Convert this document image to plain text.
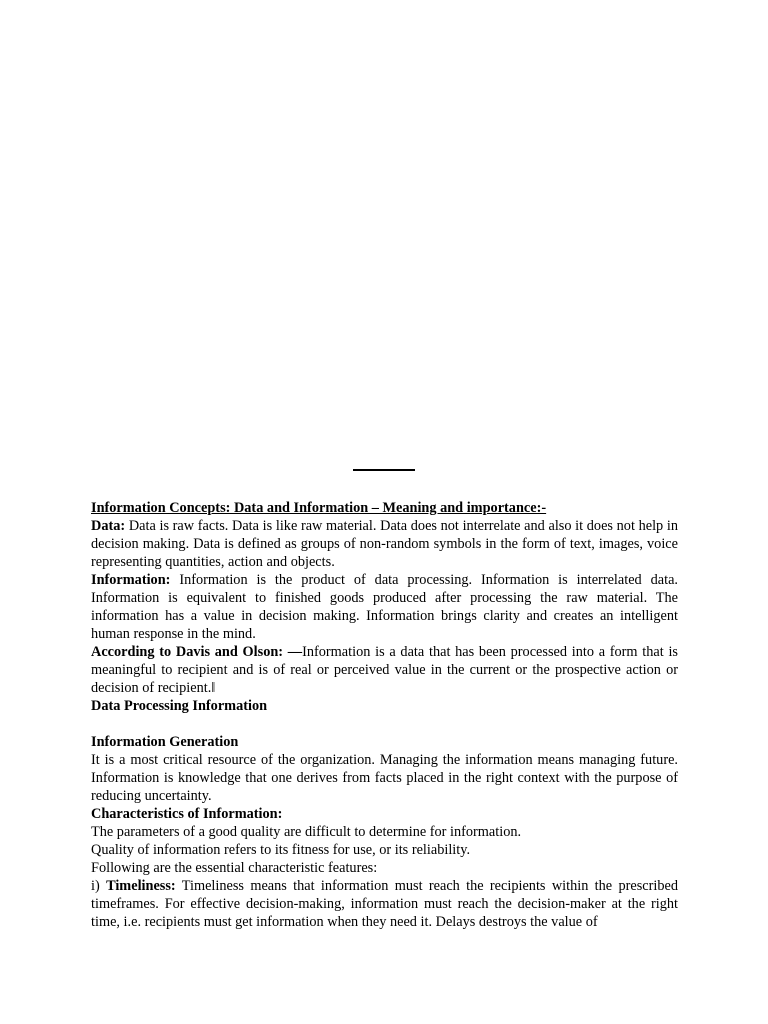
Information Concepts: Data and Information – Meaning and importance:-

Data: Data is raw facts. Data is like raw material. Data does not interrelate and also it does not help in decision making. Data is defined as groups of non-random symbols in the form of text, images, voice representing quantities, action and objects.

Information: Information is the product of data processing. Information is interrelated data. Information is equivalent to finished goods produced after processing the raw material. The information has a value in decision making. Information brings clarity and creates an intelligent human response in the mind.

According to Davis and Olson: ―Information is a data that has been processed into a form that is meaningful to recipient and is of real or perceived value in the current or the prospective action or decision of recipient.‖

Data Processing Information

Information Generation

It is a most critical resource of the organization. Managing the information means managing future. Information is knowledge that one derives from facts placed in the right context with the purpose of reducing uncertainty.

Characteristics of Information:

The parameters of a good quality are difficult to determine for information.

Quality of information refers to its fitness for use, or its reliability.

Following are the essential characteristic features:

i) Timeliness: Timeliness means that information must reach the recipients within the prescribed timeframes. For effective decision-making, information must reach the decision-maker at the right time, i.e. recipients must get information when they need it. Delays destroys the value of
